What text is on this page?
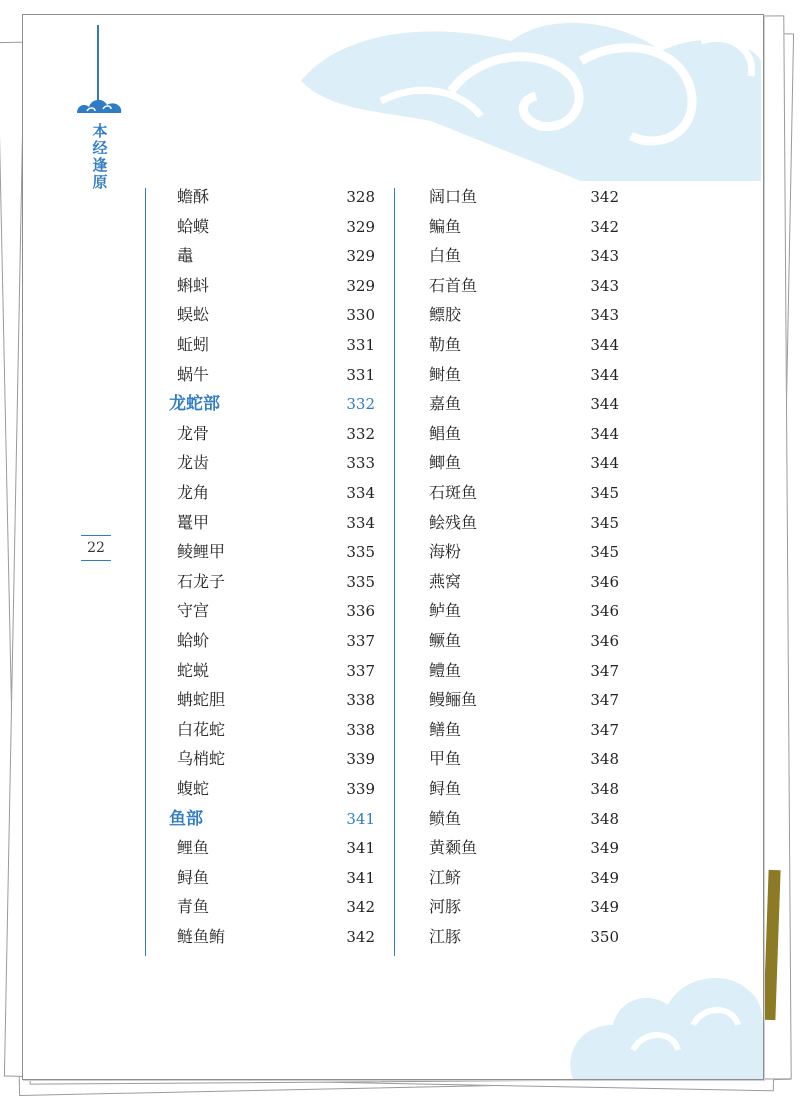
本经逢原
22
蟾酥	328
蛤蟆	329
鼃	329
蝌蚪	329
蜈蚣	330
蚯蚓	331
蜗牛	331
龙蛇部	332
龙骨	332
龙齿	333
龙角	334
鼍甲	334
鲮鲤甲	335
石龙子	335
守宫	336
蛤蚧	337
蛇蜕	337
蚺蛇胆	338
白花蛇	338
乌梢蛇	339
蝮蛇	339
鱼部	341
鲤鱼	341
鲟鱼	341
青鱼	342
鲢鱼鲔	342
阔口鱼	342
鳊鱼	342
白鱼	343
石首鱼	343
鳔胶	343
勒鱼	344
鲥鱼	344
嘉鱼	344
鲳鱼	344
鲫鱼	344
石斑鱼	345
鲙残鱼	345
海粉	345
燕窝	346
鲈鱼	346
鳜鱼	346
鳢鱼	347
鳗鲡鱼	347
鳝鱼	347
甲鱼	348
鲟鱼	348
鲼鱼	348
黄颡鱼	349
江鲚	349
河豚	349
江豚	350
